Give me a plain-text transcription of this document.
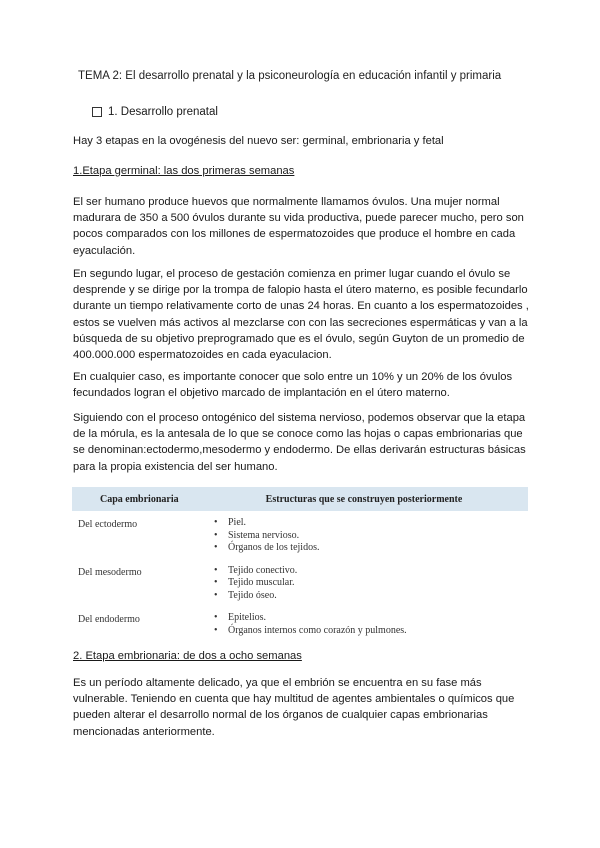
TEMA 2: El desarrollo prenatal y la psiconeurología en educación infantil y primaria
1. Desarrollo prenatal

Hay 3 etapas en la ovogénesis del nuevo ser: germinal, embrionaria y fetal

1.Etapa germinal: las dos primeras semanas

El ser humano produce huevos que normalmente llamamos óvulos. Una mujer normal madurara de 350 a 500 óvulos durante su vida productiva, puede parecer mucho, pero son pocos comparados con los millones de espermatozoides que produce el hombre en cada eyaculación.

En segundo lugar, el proceso de gestación comienza en primer lugar cuando el óvulo se desprende y se dirige por la trompa de falopio hasta el útero materno, es posible fecundarlo durante un tiempo relativamente corto de unas 24 horas. En cuanto a los espermatozoides , estos se vuelven más activos al mezclarse con con las secreciones espermáticas y van a la búsqueda de su objetivo preprogramado que es el óvulo, según Guyton de un promedio de 400.000.000 espermatozoides en cada eyaculacion.

En cualquier caso, es importante conocer que solo entre un 10% y un 20% de los óvulos fecundados logran el objetivo marcado de implantación en el útero materno.

Siguiendo con el proceso ontogénico del sistema nervioso, podemos observar que la etapa de la mórula, es la antesala de lo que se conoce como las hojas o capas embrionarias que se denominan:ectodermo,mesodermo y endodermo. De ellas derivarán estructuras básicas para la propia existencia del ser humano.

Capa embrionaria	Estructuras que se construyen posteriormente
Del ectodermo	•	Piel.
•	Sistema nervioso.
•	Órganos de los tejidos.
Del mesodermo	•	Tejido conectivo.
•	Tejido muscular.
•	Tejido óseo.
Del endodermo	•	Epitelios.
•	Órganos internos como corazón y pulmones.

2. Etapa embrionaria: de dos a ocho semanas

Es un período altamente delicado, ya que el embrión se encuentra en su fase más vulnerable. Teniendo en cuenta que hay multitud de agentes ambientales o químicos que pueden alterar el desarrollo normal de los órganos de cualquier capas embrionarias mencionadas anteriormente.
